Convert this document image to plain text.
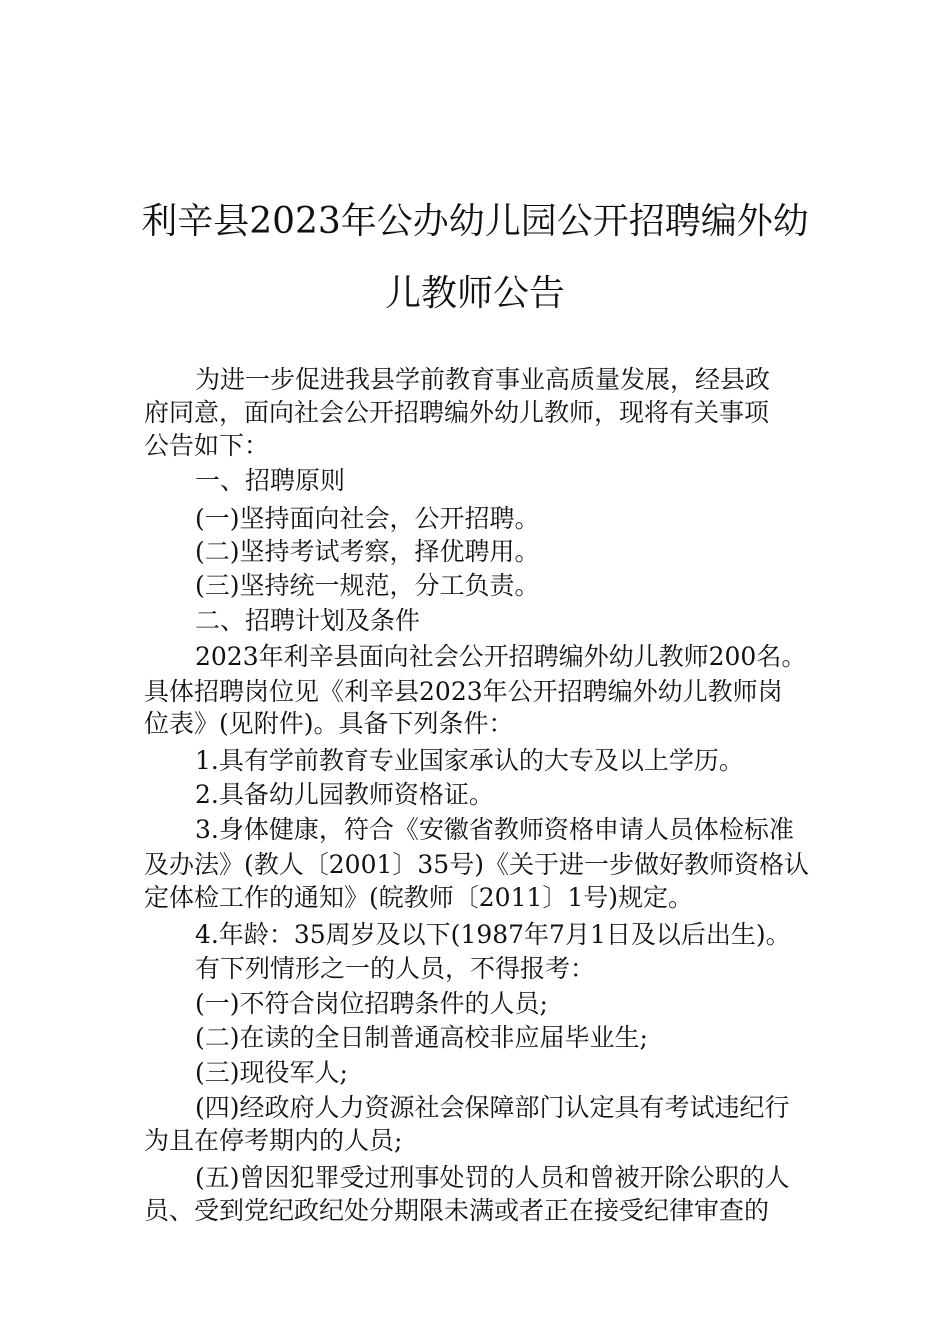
利辛县2023年公办幼儿园公开招聘编外幼
儿教师公告

为进一步促进我县学前教育事业高质量发展，经县政

府同意，面向社会公开招聘编外幼儿教师，现将有关事项

公告如下：

一、招聘原则

(一)坚持面向社会，公开招聘。

(二)坚持考试考察，择优聘用。

(三)坚持统一规范，分工负责。

二、招聘计划及条件

2023年利辛县面向社会公开招聘编外幼儿教师200名。

具体招聘岗位见《利辛县2023年公开招聘编外幼儿教师岗

位表》(见附件)。具备下列条件：

1.具有学前教育专业国家承认的大专及以上学历。

2.具备幼儿园教师资格证。

3.身体健康，符合《安徽省教师资格申请人员体检标准

及办法》(教人〔2001〕35号)《关于进一步做好教师资格认

定体检工作的通知》(皖教师〔2011〕1号)规定。

4.年龄：35周岁及以下(1987年7月1日及以后出生)。

有下列情形之一的人员，不得报考：

(一)不符合岗位招聘条件的人员;

(二)在读的全日制普通高校非应届毕业生;

(三)现役军人;

(四)经政府人力资源社会保障部门认定具有考试违纪行

为且在停考期内的人员;

(五)曾因犯罪受过刑事处罚的人员和曾被开除公职的人

员、受到党纪政纪处分期限未满或者正在接受纪律审查的
